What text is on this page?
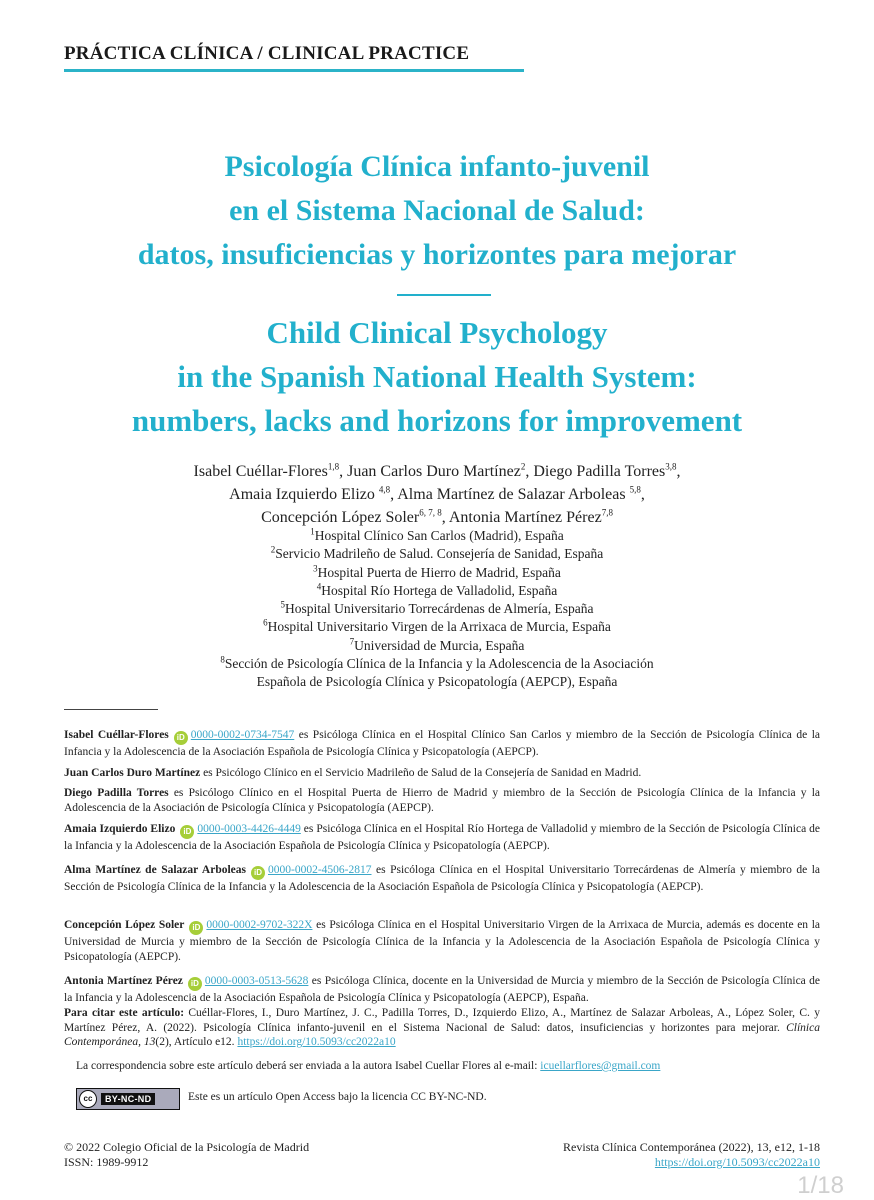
PRÁCTICA CLÍNICA / CLINICAL PRACTICE
Psicología Clínica infanto-juvenil
en el Sistema Nacional de Salud:
datos, insuficiencias y horizontes para mejorar
Child Clinical Psychology
in the Spanish National Health System:
numbers, lacks and horizons for improvement
Isabel Cuéllar-Flores$^{1,8}$, Juan Carlos Duro Martínez$^2$, Diego Padilla Torres$^{3,8}$,
Amaia Izquierdo Elizo $^{4,8}$, Alma Martínez de Salazar Arboleas $^{5,8}$,
Concepción López Soler$^{6, 7, 8}$, Antonia Martínez Pérez$^{7,8}$
$^1$Hospital Clínico San Carlos (Madrid), España
$^2$Servicio Madrileño de Salud. Consejería de Sanidad, España
$^3$Hospital Puerta de Hierro de Madrid, España
$^4$Hospital Río Hortega de Valladolid, España
$^5$Hospital Universitario Torrecárdenas de Almería, España
$^6$Hospital Universitario Virgen de la Arrixaca de Murcia, España
$^7$Universidad de Murcia, España
$^8$Sección de Psicología Clínica de la Infancia y la Adolescencia de la Asociación
Española de Psicología Clínica y Psicopatología (AEPCP), España
Isabel Cuéllar-Flores iD 0000-0002-0734-7547 es Psicóloga Clínica en el Hospital Clínico San Carlos y miembro de la Sección de Psicología Clínica de la Infancia y la Adolescencia de la Asociación Española de Psicología Clínica y Psicopatología (AEPCP).
Juan Carlos Duro Martínez es Psicólogo Clínico en el Servicio Madrileño de Salud de la Consejería de Sanidad en Madrid.
Diego Padilla Torres es Psicólogo Clínico en el Hospital Puerta de Hierro de Madrid y miembro de la Sección de Psicología Clínica de la Infancia y la Adolescencia de la Asociación de Psicología Clínica y Psicopatología (AEPCP).
Amaia Izquierdo Elizo iD 0000-0003-4426-4449 es Psicóloga Clínica en el Hospital Río Hortega de Valladolid y miembro de la Sección de Psicología Clínica de la Infancia y la Adolescencia de la Asociación Española de Psicología Clínica y Psicopatología (AEPCP).
Alma Martínez de Salazar Arboleas iD 0000-0002-4506-2817 es Psicóloga Clínica en el Hospital Universitario Torrecárdenas de Almería y miembro de la Sección de Psicología Clínica de la Infancia y la Adolescencia de la Asociación Española de Psicología Clínica y Psicopatología (AEPCP).
Concepción López Soler iD 0000-0002-9702-322X es Psicóloga Clínica en el Hospital Universitario Virgen de la Arrixaca de Murcia, además es docente en la Universidad de Murcia y miembro de la Sección de Psicología Clínica de la Infancia y la Adolescencia de la Asociación Española de Psicología Clínica y Psicopatología (AEPCP).
Antonia Martínez Pérez iD 0000-0003-0513-5628 es Psicóloga Clínica, docente en la Universidad de Murcia y miembro de la Sección de Psicología Clínica de la Infancia y la Adolescencia de la Asociación Española de Psicología Clínica y Psicopatología (AEPCP), España.
Para citar este artículo: Cuéllar-Flores, I., Duro Martínez, J. C., Padilla Torres, D., Izquierdo Elizo, A., Martínez de Salazar Arboleas, A., López Soler, C. y Martínez Pérez, A. (2022). Psicología Clínica infanto-juvenil en el Sistema Nacional de Salud: datos, insuficiencias y horizontes para mejorar. Clínica Contemporánea, 13(2), Artículo e12. https://doi.org/10.5093/cc2022a10
La correspondencia sobre este artículo deberá ser enviada a la autora Isabel Cuellar Flores al e-mail: icuellarflores@gmail.com
cc	BY-NC-ND	Este es un artículo Open Access bajo la licencia CC BY-NC-ND.
© 2022 Colegio Oficial de la Psicología de Madrid
ISSN: 1989-9912
Revista Clínica Contemporánea (2022), 13, e12, 1-18
https://doi.org/10.5093/cc2022a10
1/18
